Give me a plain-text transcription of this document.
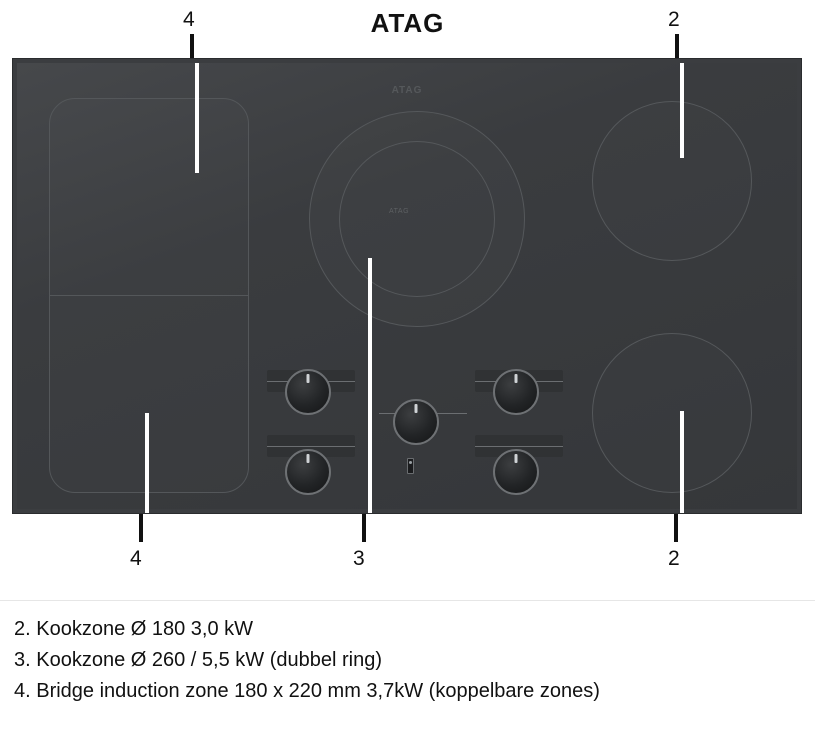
ATAG
4	2
4	3	2
ATAG
ATAG
2. Kookzone Ø 180 3,0 kW
3. Kookzone Ø 260 / 5,5 kW (dubbel ring)
4. Bridge induction zone 180 x 220 mm 3,7kW (koppelbare zones)
